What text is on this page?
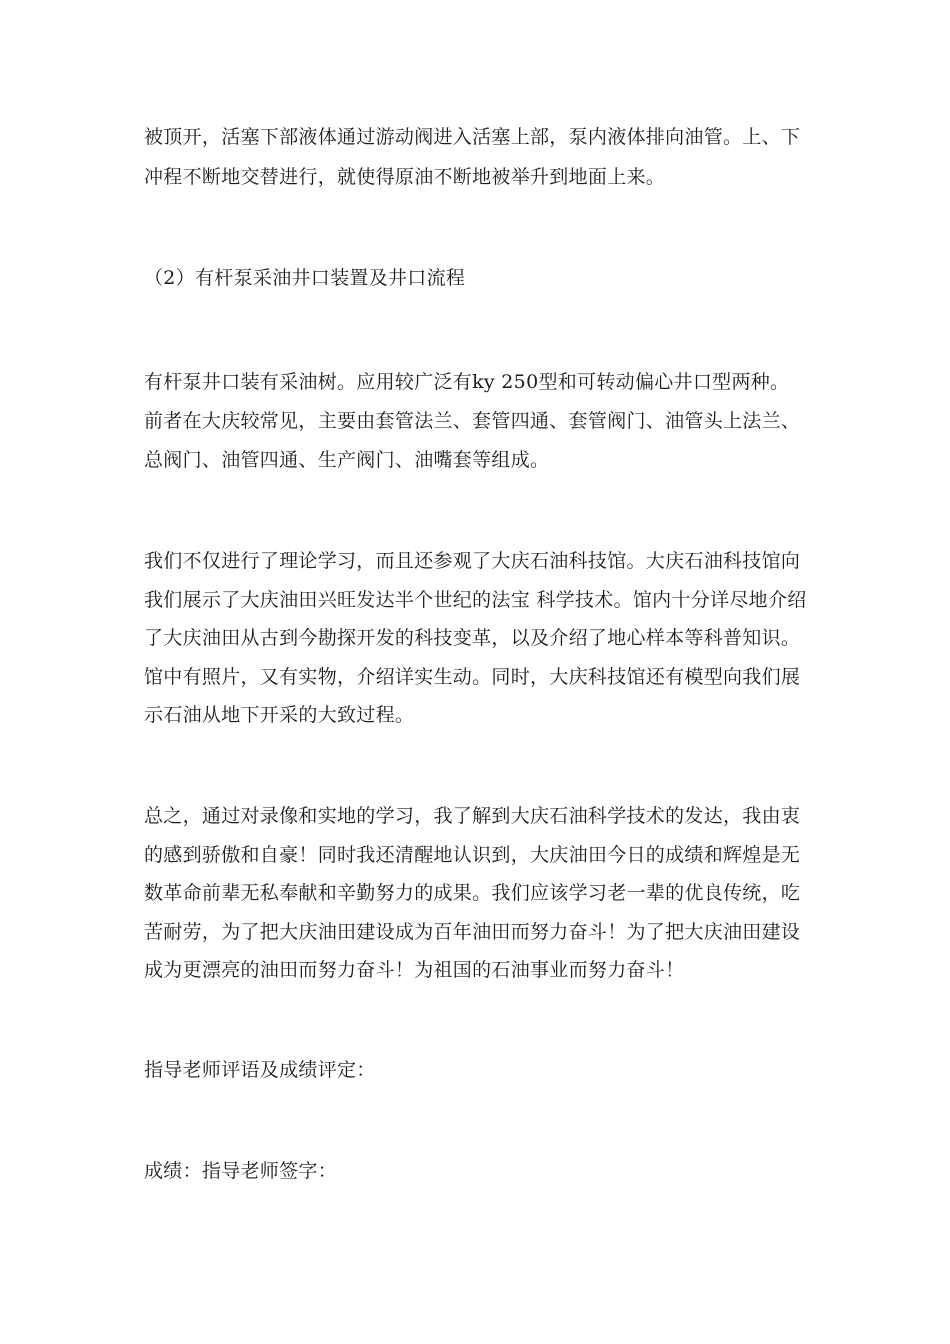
被顶开，活塞下部液体通过游动阀进入活塞上部，泵内液体排向油管。上、下
冲程不断地交替进行，就使得原油不断地被举升到地面上来。
（2）有杆泵采油井口装置及井口流程
有杆泵井口装有采油树。应用较广泛有ky 250型和可转动偏心井口型两种。
前者在大庆较常见，主要由套管法兰、套管四通、套管阀门、油管头上法兰、
总阀门、油管四通、生产阀门、油嘴套等组成。
我们不仅进行了理论学习，而且还参观了大庆石油科技馆。大庆石油科技馆向
我们展示了大庆油田兴旺发达半个世纪的法宝 科学技术。馆内十分详尽地介绍
了大庆油田从古到今勘探开发的科技变革，以及介绍了地心样本等科普知识。
馆中有照片，又有实物，介绍详实生动。同时，大庆科技馆还有模型向我们展
示石油从地下开采的大致过程。
总之，通过对录像和实地的学习，我了解到大庆石油科学技术的发达，我由衷
的感到骄傲和自豪！同时我还清醒地认识到，大庆油田今日的成绩和辉煌是无
数革命前辈无私奉献和辛勤努力的成果。我们应该学习老一辈的优良传统，吃
苦耐劳，为了把大庆油田建设成为百年油田而努力奋斗！为了把大庆油田建设
成为更漂亮的油田而努力奋斗！为祖国的石油事业而努力奋斗！
指导老师评语及成绩评定：
成绩：指导老师签字：
